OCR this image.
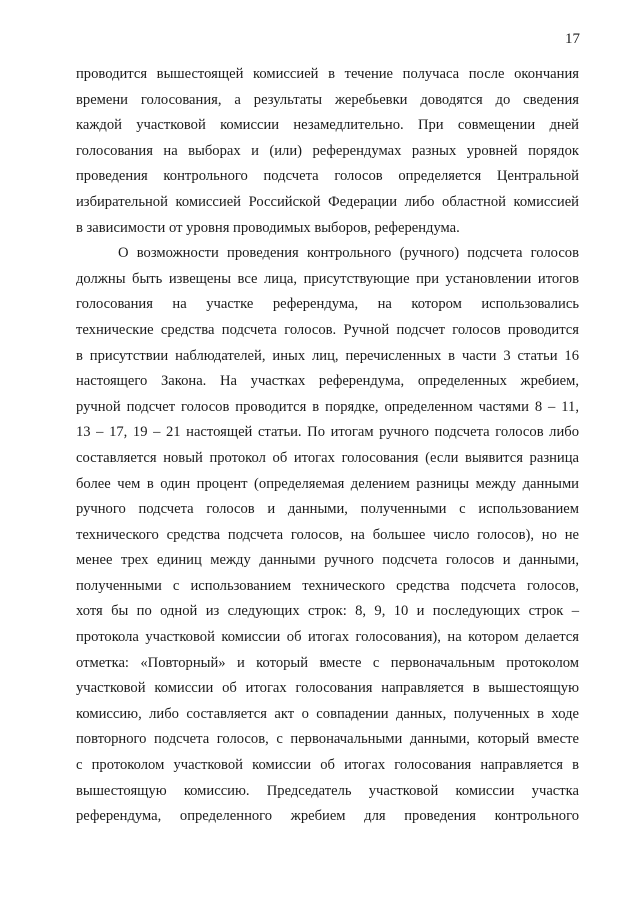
17
проводится вышестоящей комиссией в течение получаса после окончания
времени голосования, а результаты жеребьевки доводятся до сведения
каждой участковой комиссии незамедлительно. При совмещении дней
голосования на выборах и (или) референдумах разных уровней порядок
проведения контрольного подсчета голосов определяется Центральной
избирательной комиссией Российской Федерации либо областной комиссией
в зависимости от уровня проводимых выборов, референдума.
О возможности проведения контрольного (ручного) подсчета голосов
должны быть извещены все лица, присутствующие при установлении итогов
голосования на участке референдума, на котором использовались
технические средства подсчета голосов. Ручной подсчет голосов проводится
в присутствии наблюдателей, иных лиц, перечисленных в части 3 статьи 16
настоящего Закона. На участках референдума, определенных жребием,
ручной подсчет голосов проводится в порядке, определенном частями 8 – 11,
13 – 17, 19 – 21 настоящей статьи. По итогам ручного подсчета голосов либо
составляется новый протокол об итогах голосования (если выявится разница
более чем в один процент (определяемая делением разницы между данными
ручного подсчета голосов и данными, полученными с использованием
технического средства подсчета голосов, на большее число голосов), но не
менее трех единиц между данными ручного подсчета голосов и данными,
полученными с использованием технического средства подсчета голосов,
хотя бы по одной из следующих строк: 8, 9, 10 и последующих строк –
протокола участковой комиссии об итогах голосования), на котором делается
отметка: «Повторный» и который вместе с первоначальным протоколом
участковой комиссии об итогах голосования направляется в вышестоящую
комиссию, либо составляется акт о совпадении данных, полученных в ходе
повторного подсчета голосов, с первоначальными данными, который вместе
с протоколом участковой комиссии об итогах голосования направляется в
вышестоящую комиссию. Председатель участковой комиссии участка
референдума, определенного жребием для проведения контрольного
